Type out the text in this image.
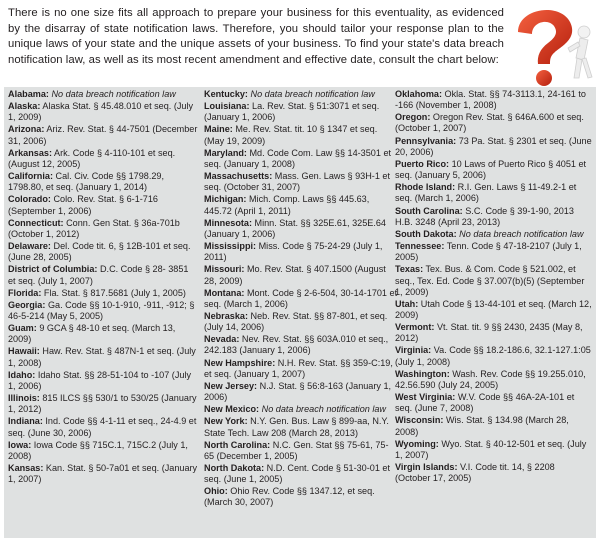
There is no one size fits all approach to prepare your business for this eventuality, as evidenced by the disarray of state notification laws. Therefore, you should tailor your response plan to the unique laws of your state and the unique assets of your business. To find your state's data breach notification law, as well as its most recent amendment and effective date, consult the chart below:
Alabama: No data breach notification law
Alaska: Alaska Stat. § 45.48.010 et seq. (July 1, 2009)
Arizona: Ariz. Rev. Stat. § 44-7501 (December 31, 2006)
Arkansas: Ark. Code § 4-110-101 et seq. (August 12, 2005)
California: Cal. Civ. Code §§ 1798.29, 1798.80, et seq. (January 1, 2014)
Colorado: Colo. Rev. Stat. § 6-1-716 (September 1, 2006)
Connecticut: Conn. Gen Stat. § 36a-701b (October 1, 2012)
Delaware: Del. Code tit. 6, § 12B-101 et seq. (June 28, 2005)
District of Columbia: D.C. Code § 28- 3851 et seq. (July 1, 2007)
Florida: Fla. Stat. § 817.5681 (July 1, 2005)
Georgia: Ga. Code §§ 10-1-910, -911, -912; § 46-5-214 (May 5, 2005)
Guam: 9 GCA § 48-10 et seq. (March 13, 2009)
Hawaii: Haw. Rev. Stat. § 487N-1 et seq. (July 1, 2008)
Idaho: Idaho Stat. §§ 28-51-104 to -107 (July 1, 2006)
Illinois: 815 ILCS §§ 530/1 to 530/25 (January 1, 2012)
Indiana: Ind. Code §§ 4-1-11 et seq., 24-4.9 et seq. (June 30, 2006)
Iowa: Iowa Code §§ 715C.1, 715C.2 (July 1, 2008)
Kansas: Kan. Stat. § 50-7a01 et seq. (January 1, 2007)
Kentucky: No data breach notification law
Louisiana: La. Rev. Stat. § 51:3071 et seq. (January 1, 2006)
Maine: Me. Rev. Stat. tit. 10 § 1347 et seq. (May 19, 2009)
Maryland: Md. Code Com. Law §§ 14-3501 et seq. (January 1, 2008)
Massachusetts: Mass. Gen. Laws § 93H-1 et seq. (October 31, 2007)
Michigan: Mich. Comp. Laws §§ 445.63, 445.72 (April 1, 2011)
Minnesota: Minn. Stat. §§ 325E.61, 325E.64 (January 1, 2006)
Mississippi: Miss. Code § 75-24-29 (July 1, 2011)
Missouri: Mo. Rev. Stat. § 407.1500 (August 28, 2009)
Montana: Mont. Code § 2-6-504, 30-14-1701 et seq. (March 1, 2006)
Nebraska: Neb. Rev. Stat. §§ 87-801, et seq. (July 14, 2006)
Nevada: Nev. Rev. Stat. §§ 603A.010 et seq., 242.183 (January 1, 2006)
New Hampshire: N.H. Rev. Stat. §§ 359-C:19, et seq. (January 1, 2007)
New Jersey: N.J. Stat. § 56:8-163 (January 1, 2006)
New Mexico: No data breach notification law
New York: N.Y. Gen. Bus. Law § 899-aa, N.Y. State Tech. Law 208 (March 28, 2013)
North Carolina: N.C. Gen. Stat §§ 75-61, 75-65 (December 1, 2005)
North Dakota: N.D. Cent. Code § 51-30-01 et seq. (June 1, 2005)
Ohio: Ohio Rev. Code §§ 1347.12, et seq. (March 30, 2007)
Oklahoma: Okla. Stat. §§ 74-3113.1, 24-161 to -166 (November 1, 2008)
Oregon: Oregon Rev. Stat. § 646A.600 et seq. (October 1, 2007)
Pennsylvania: 73 Pa. Stat. § 2301 et seq. (June 20, 2006)
Puerto Rico: 10 Laws of Puerto Rico § 4051 et seq. (January 5, 2006)
Rhode Island: R.I. Gen. Laws § 11-49.2-1 et seq. (March 1, 2006)
South Carolina: S.C. Code § 39-1-90, 2013 H.B. 3248 (April 23, 2013)
South Dakota: No data breach notification law
Tennessee: Tenn. Code § 47-18-2107 (July 1, 2005)
Texas: Tex. Bus. & Com. Code § 521.002, et seq., Tex. Ed. Code § 37.007(b)(5) (September 1, 2009)
Utah: Utah Code § 13-44-101 et seq. (March 12, 2009)
Vermont: Vt. Stat. tit. 9 §§ 2430, 2435 (May 8, 2012)
Virginia: Va. Code §§ 18.2-186.6, 32.1-127.1:05 (July 1, 2008)
Washington: Wash. Rev. Code §§ 19.255.010, 42.56.590 (July 24, 2005)
West Virginia: W.V. Code §§ 46A-2A-101 et seq. (June 7, 2008)
Wisconsin: Wis. Stat. § 134.98 (March 28, 2008)
Wyoming: Wyo. Stat. § 40-12-501 et seq. (July 1, 2007)
Virgin Islands: V.I. Code tit. 14, § 2208 (October 17, 2005)
